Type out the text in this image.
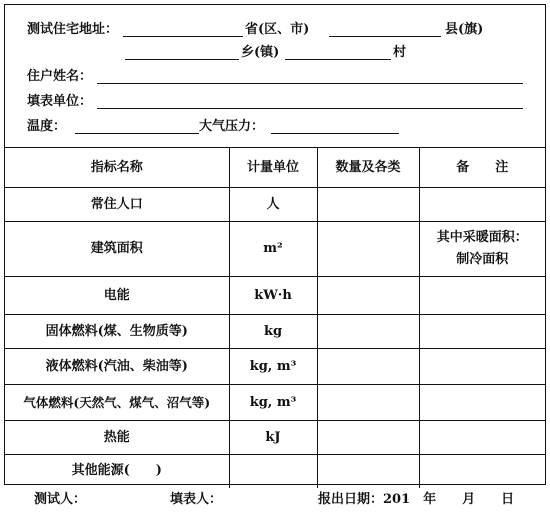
测试住宅地址：	省(区、市)	县(旗)
乡(镇)	村
住户姓名：
填表单位：
温度：	大气压力：
指标名称	计量单位	数量及各类	备　　注
常住人口	人		
建筑面积	m²		其中采暖面积：
制冷面积

电能	kW·h		
固体燃料(煤、生物质等)	kg		
液体燃料(汽油、柴油等)	kg, m³		
气体燃料(天然气、煤气、沼气等)	kg, m³		
热能	kJ		
其他能源(　　)			
测试人：	填表人：	报出日期：201　年　　月　　日
